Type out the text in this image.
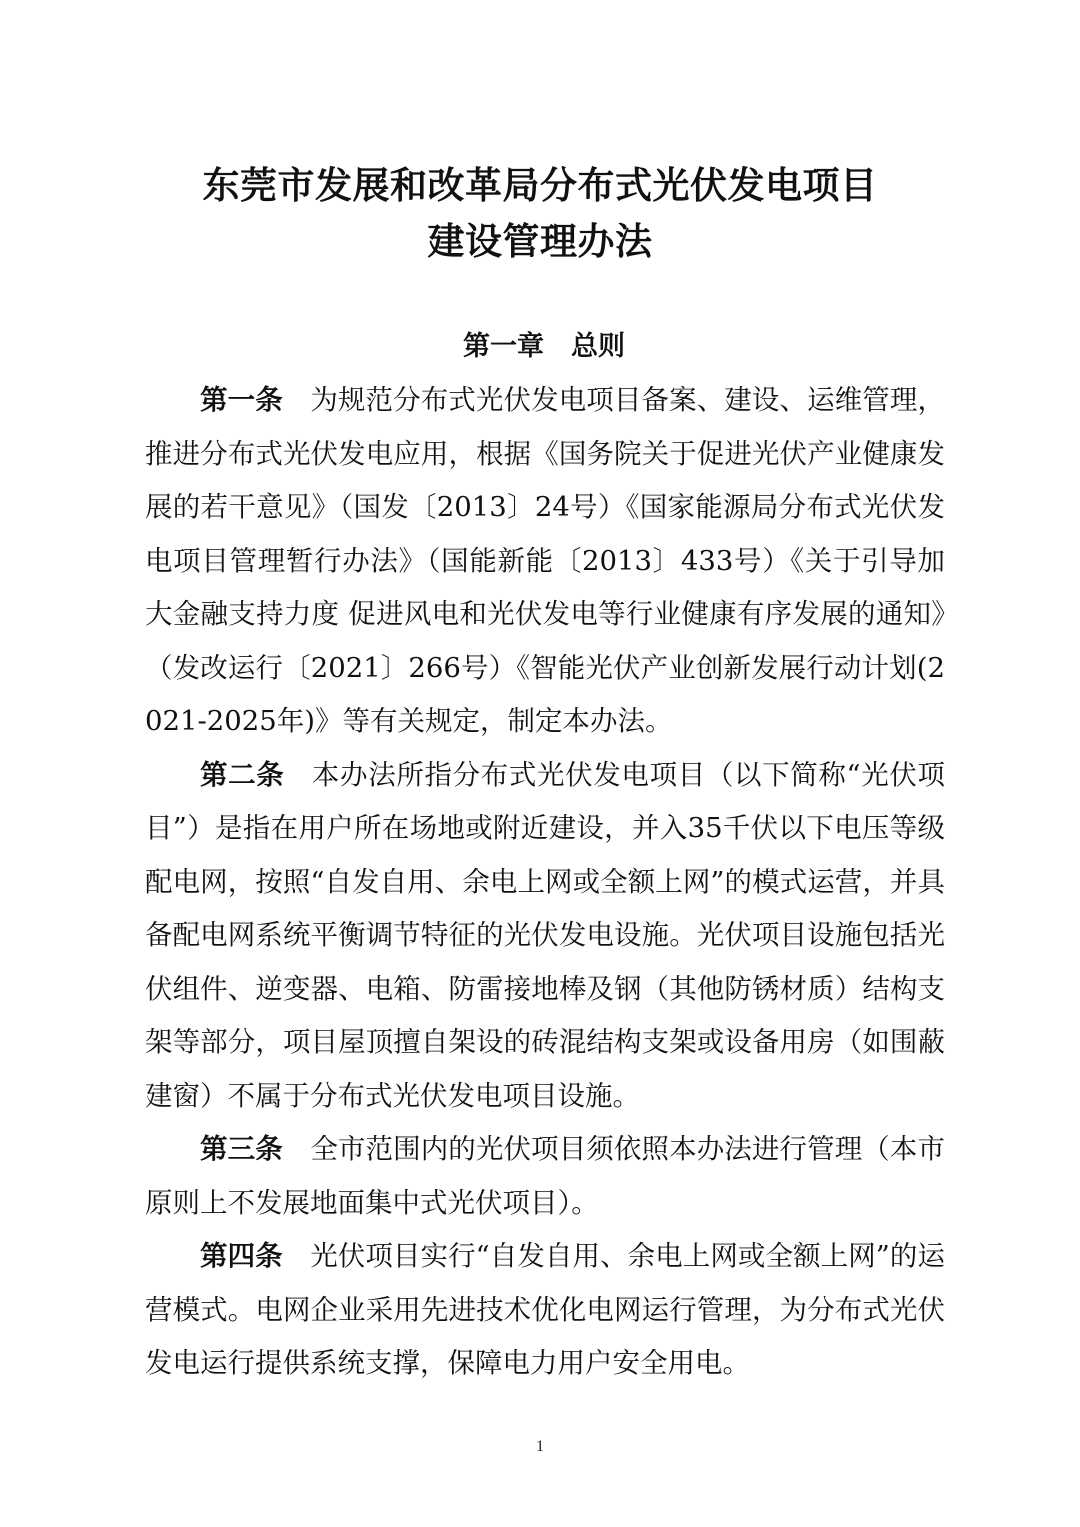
东莞市发展和改革局分布式光伏发电项目
建设管理办法
第一章　总则

第一条 为规范分布式光伏发电项目备案、建设、运维管理，推进分布式光伏发电应用，根据《国务院关于促进光伏产业健康发展的若干意见》（国发〔2013〕24号）《国家能源局分布式光伏发电项目管理暂行办法》（国能新能〔2013〕433号）《关于引导加大金融支持力度 促进风电和光伏发电等行业健康有序发展的通知》（发改运行〔2021〕266号）《智能光伏产业创新发展行动计划(2021-2025年)》等有关规定，制定本办法。

第二条 本办法所指分布式光伏发电项目（以下简称“光伏项目”）是指在用户所在场地或附近建设，并入35千伏以下电压等级配电网，按照“自发自用、余电上网或全额上网”的模式运营，并具备配电网系统平衡调节特征的光伏发电设施。光伏项目设施包括光伏组件、逆变器、电箱、防雷接地棒及钢（其他防锈材质）结构支架等部分，项目屋顶擅自架设的砖混结构支架或设备用房（如围蔽建窗）不属于分布式光伏发电项目设施。

第三条 全市范围内的光伏项目须依照本办法进行管理（本市原则上不发展地面集中式光伏项目）。

第四条 光伏项目实行“自发自用、余电上网或全额上网”的运营模式。电网企业采用先进技术优化电网运行管理，为分布式光伏发电运行提供系统支撑，保障电力用户安全用电。

1
